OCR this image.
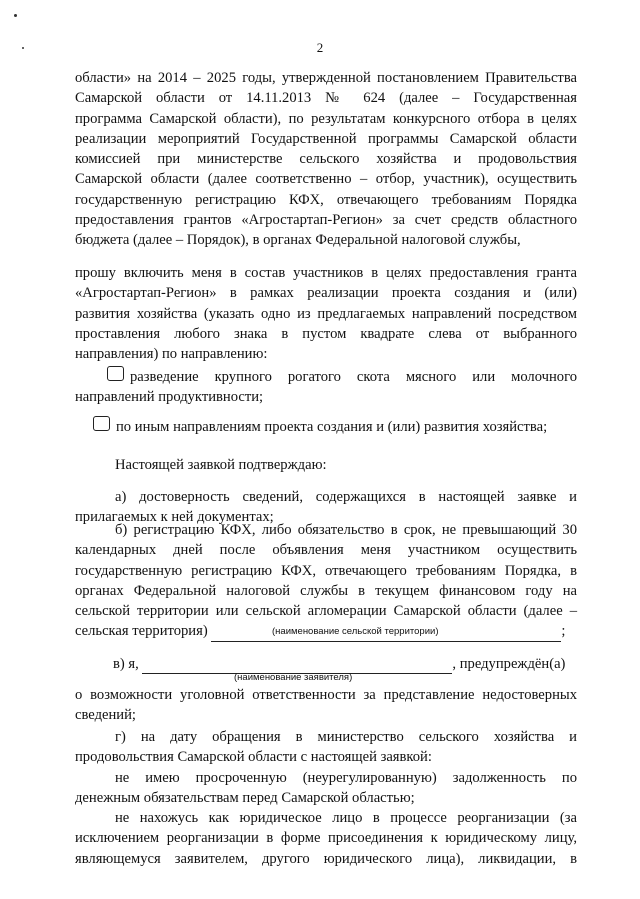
2
области» на 2014 – 2025 годы, утвержденной постановлением Правительства
Самарской области от 14.11.2013 № 624 (далее – Государственная
программа Самарской области), по результатам конкурсного отбора в целях
реализации мероприятий Государственной программы Самарской области
комиссией при министерстве сельского хозяйства и продовольствия
Самарской области (далее соответственно – отбор, участник), осуществить
государственную регистрацию КФХ, отвечающего требованиям Порядка
предоставления грантов «Агростартап-Регион» за счет средств областного
бюджета (далее – Порядок), в органах Федеральной налоговой службы,
прошу включить меня в состав участников в целях предоставления гранта
«Агростартап-Регион» в рамках реализации проекта создания и (или)
развития хозяйства (указать одно из предлагаемых направлений посредством
проставления любого знака в пустом квадрате слева от выбранного
направления) по направлению:
разведение крупного рогатого скота мясного или молочного
направлений продуктивности;
по иным направлениям проекта создания и (или) развития хозяйства;
Настоящей заявкой подтверждаю:
а) достоверность сведений, содержащихся в настоящей заявке и
прилагаемых к ней документах;
б) регистрацию КФХ, либо обязательство в срок, не превышающий 30
календарных дней после объявления меня участником осуществить
государственную регистрацию КФХ, отвечающего требованиям Порядка, в
органах Федеральной налоговой службы в текущем финансовом году на
сельской территории или сельской агломерации Самарской области (далее –
сельская территория)	;
(наименование сельской территории)
в) я,	, предупреждён(а)
(наименование заявителя)
о возможности уголовной ответственности за представление недостоверных
сведений;
г) на дату обращения в министерство сельского хозяйства и
продовольствия Самарской области с настоящей заявкой:
не имею просроченную (неурегулированную) задолженность по
денежным обязательствам перед Самарской областью;
не нахожусь как юридическое лицо в процессе реорганизации (за
исключением реорганизации в форме присоединения к юридическому лицу,
являющемуся заявителем, другого юридического лица), ликвидации, в
